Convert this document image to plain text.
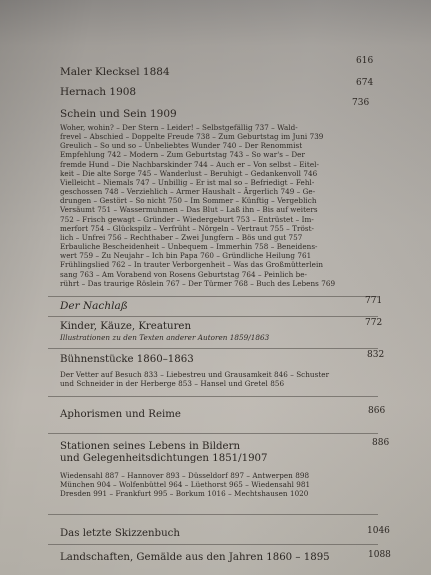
616
Maler Klecksel 1884
674
Hernach 1908
736
Schein und Sein 1909
Woher, wohin? – Der Stern – Leider! – Selbstgefällig 737 – Wald-
frevel – Abschied – Doppelte Freude 738 – Zum Geburtstag im Juni 739
Greulich – So und so – Unbeliebtes Wunder 740 – Der Renommist
Empfehlung 742 – Modern – Zum Geburtstag 743 – So war's – Der
fremde Hund – Die Nachbarskinder 744 – Auch er – Von selbst – Eitel-
keit – Die alte Sorge 745 – Wanderlust – Beruhigt – Gedankenvoll 746
Vielleicht – Niemals 747 – Unbillig – Er ist mal so – Befriedigt – Fehl-
geschossen 748 – Verziehlich – Armer Haushalt – Ärgerlich 749 – Ge-
drungen – Gestört – So nicht 750 – Im Sommer – Künftig – Vergeblich
Versäumt 751 – Wassermuhmen – Das Blut – Laß ihn – Bis auf weiters
752 – Frisch gewagt – Gründer – Wiedergeburt 753 – Entrüstet – Im-
merfort 754 – Glückspilz – Verfrüht – Nörgeln – Vertraut 755 – Tröst-
lich – Unfrei 756 – Rechthaber – Zwei Jungfern – Bös und gut 757
Erbauliche Bescheidenheit – Unbequem – Immerhin 758 – Beneidens-
wert 759 – Zu Neujahr – Ich bin Papa 760 – Gründliche Heilung 761
Frühlingslied 762 – In trauter Verborgenheit – Was das Großmütterlein
sang 763 – Am Vorabend von Rosens Geburtstag 764 – Peinlich be-
rührt – Das traurige Röslein 767 – Der Türmer 768 – Buch des Lebens 769
Der Nachlaß	771
772
Kinder, Käuze, Kreaturen
Illustrationen zu den Texten anderer Autoren 1859/1863
832
Bühnenstücke 1860–1863
Der Vetter auf Besuch 833 – Liebestreu und Grausamkeit 846 – Schuster
und Schneider in der Herberge 853 – Hansel und Gretel 856
866
Aphorismen und Reime
886
Stationen seines Lebens in Bildern
und Gelegenheitsdichtungen 1851/1907
Wiedensahl 887 – Hannover 893 – Düsseldorf 897 – Antwerpen 898
München 904 – Wolfenbüttel 964 – Lüethorst 965 – Wiedensahl 981
Dresden 991 – Frankfurt 995 – Borkum 1016 – Mechtshausen 1020
1046
Das letzte Skizzenbuch
1088
Landschaften, Gemälde aus den Jahren 1860 – 1895
